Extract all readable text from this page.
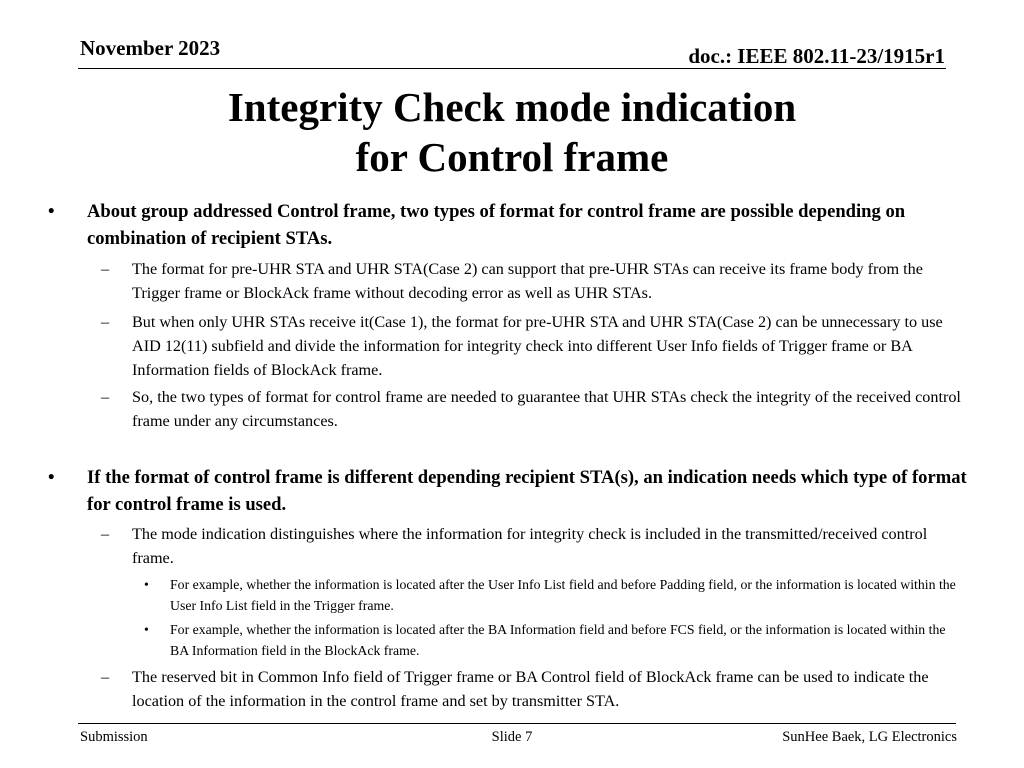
November 2023	doc.: IEEE 802.11-23/1915r1
Integrity Check mode indication
for Control frame
• About group addressed Control frame, two types of format for control frame are possible depending on combination of recipient STAs.
– The format for pre-UHR STA and UHR STA(Case 2) can support that pre-UHR STAs can receive its frame body from the Trigger frame or BlockAck frame without decoding error as well as UHR STAs.
– But when only UHR STAs receive it(Case 1), the format for pre-UHR STA and UHR STA(Case 2) can be unnecessary to use AID 12(11) subfield and divide the information for integrity check into different User Info fields of Trigger frame or BA Information fields of BlockAck frame.
– So, the two types of format for control frame are needed to guarantee that UHR STAs check the integrity of the received control frame under any circumstances.
• If the format of control frame is different depending recipient STA(s), an indication needs which type of format for control frame is used.
– The mode indication distinguishes where the information for integrity check is included in the transmitted/received control frame.
• For example, whether the information is located after the User Info List field and before Padding field, or the information is located within the User Info List field in the Trigger frame.
• For example, whether the information is located after the BA Information field and before FCS field, or the information is located within the BA Information field in the BlockAck frame.
– The reserved bit in Common Info field of Trigger frame or BA Control field of BlockAck frame can be used to indicate the location of the information in the control frame and set by transmitter STA.
Submission	Slide 7	SunHee Baek, LG Electronics
